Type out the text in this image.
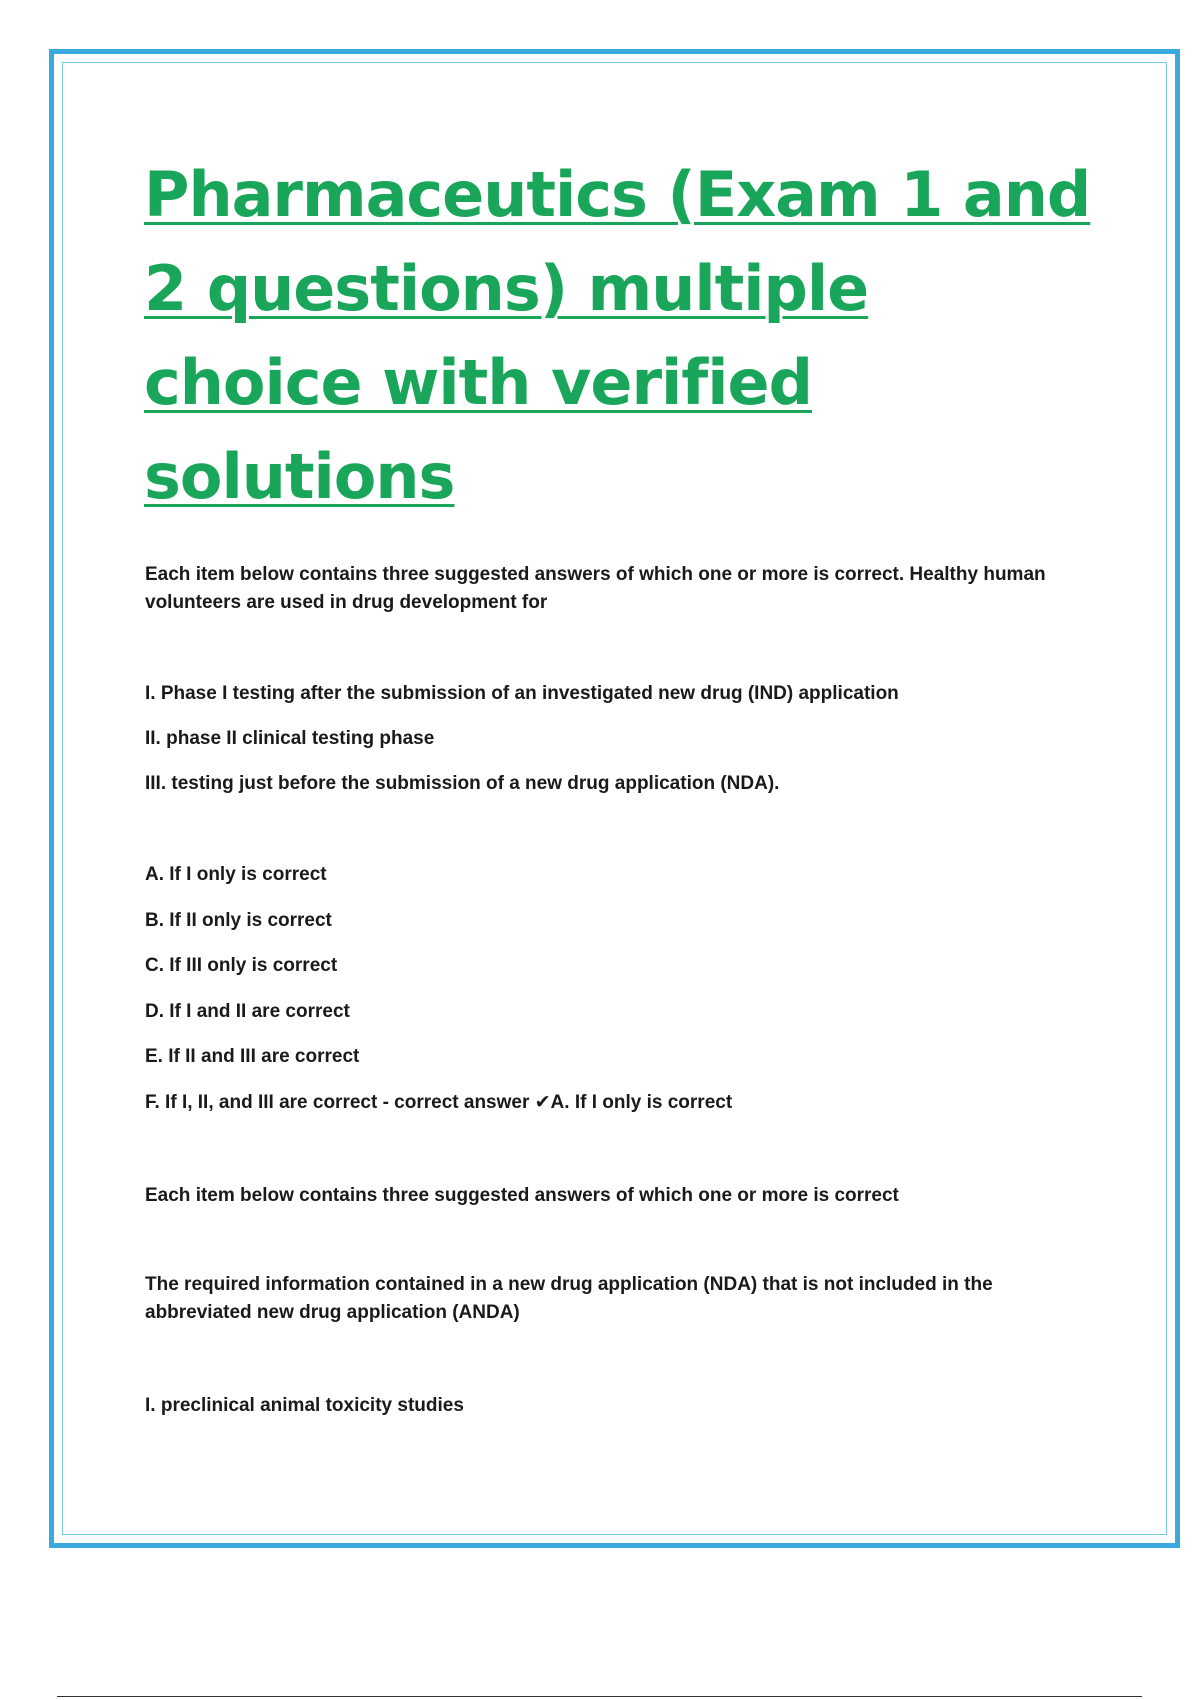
Pharmaceutics (Exam 1 and 2 questions) multiple choice with verified solutions

Each item below contains three suggested answers of which one or more is correct. Healthy human volunteers are used in drug development for

I. Phase I testing after the submission of an investigated new drug (IND) application
II. phase II clinical testing phase
III. testing just before the submission of a new drug application (NDA).
A. If I only is correct
B. If II only is correct
C. If III only is correct
D. If I and II are correct
E. If II and III are correct
F. If I, II, and III are correct - correct answer ✔A. If I only is correct

Each item below contains three suggested answers of which one or more is correct

The required information contained in a new drug application (NDA) that is not included in the abbreviated new drug application (ANDA)

I. preclinical animal toxicity studies
